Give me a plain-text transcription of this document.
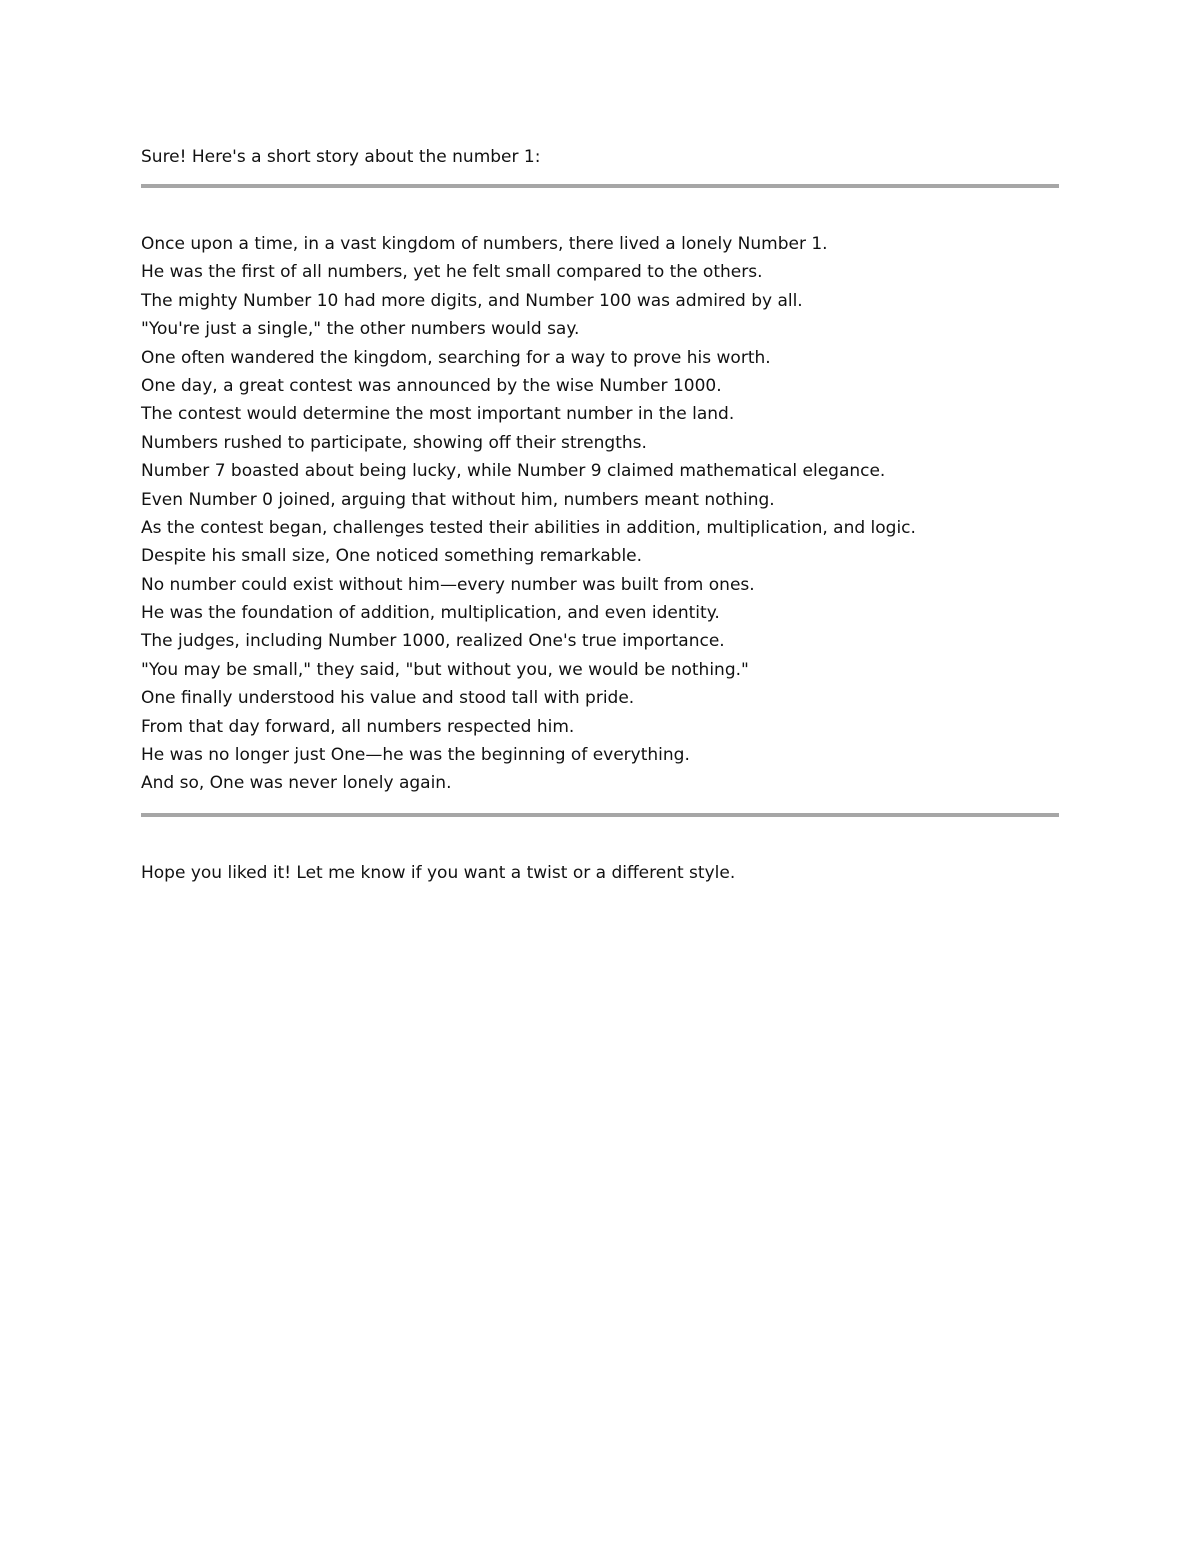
Sure! Here's a short story about the number 1:
Once upon a time, in a vast kingdom of numbers, there lived a lonely Number 1.
He was the first of all numbers, yet he felt small compared to the others.
The mighty Number 10 had more digits, and Number 100 was admired by all.
"You're just a single," the other numbers would say.
One often wandered the kingdom, searching for a way to prove his worth.
One day, a great contest was announced by the wise Number 1000.
The contest would determine the most important number in the land.
Numbers rushed to participate, showing off their strengths.
Number 7 boasted about being lucky, while Number 9 claimed mathematical elegance.
Even Number 0 joined, arguing that without him, numbers meant nothing.
As the contest began, challenges tested their abilities in addition, multiplication, and logic.
Despite his small size, One noticed something remarkable.
No number could exist without him—every number was built from ones.
He was the foundation of addition, multiplication, and even identity.
The judges, including Number 1000, realized One's true importance.
"You may be small," they said, "but without you, we would be nothing."
One finally understood his value and stood tall with pride.
From that day forward, all numbers respected him.
He was no longer just One—he was the beginning of everything.
And so, One was never lonely again.
Hope you liked it! Let me know if you want a twist or a different style.
